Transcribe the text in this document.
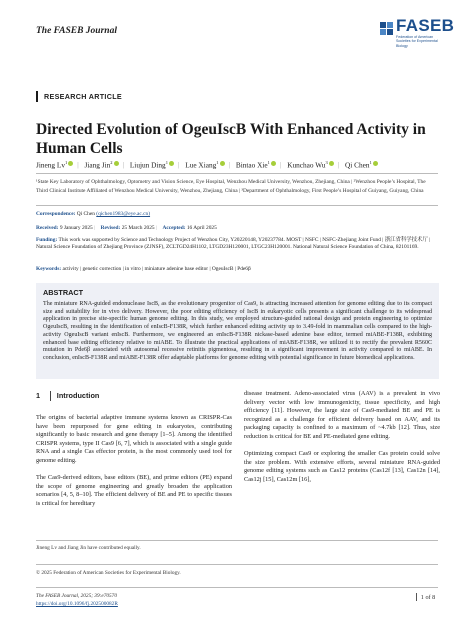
The FASEB Journal	FASEB
Federation of American Societies for Experimental Biology
RESEARCH ARTICLE
Directed Evolution of OgeuIscB With Enhanced Activity in Human Cells
Jineng Lv$^1$ | Jiang Jin$^2$ | Liujun Ding$^1$ | Lue Xiang$^1$ | Bintao Xie$^1$ | Kunchao Wu$^3$ | Qi Chen$^1$
¹State Key Laboratory of Ophthalmology, Optometry and Vision Science, Eye Hospital, Wenzhou Medical University, Wenzhou, Zhejiang, China | ²Wenzhou People’s Hospital, The Third Clinical Institute Affiliated of Wenzhou Medical University, Wenzhou, Zhejiang, China | ³Department of Ophthalmology, First People’s Hospital of Guiyang, Guiyang, China
Correspondence: Qi Chen (qichen1983@eye.ac.cn)
Received: 9 January 2025 | Revised: 25 March 2025 | Accepted: 16 April 2025
Funding: This work was supported by Science and Technology Project of Wenzhou City, Y20220148, Y20237784. MOST | NSFC | NSFC-Zhejiang Joint Fund | 浙江省科学技术厅 | Natural Science Foundation of Zhejiang Province (ZJNSF), ZCLTGD24H1102, LTGD23H120001, LTGC23H120001. National Natural Science Foundation of China, 82101169.
Keywords: activity | genetic correction | in vitro | miniature adenine base editor | OgeuIscB | Pde6β
ABSTRACT

The miniature RNA-guided endonuclease IscB, as the evolutionary progenitor of Cas9, is attracting increased attention for genome editing due to its compact size and suitability for in vivo delivery. However, the poor editing efficiency of IscB in eukaryotic cells presents a significant challenge to its widespread application in precise site-specific human genome editing. In this study, we employed structure-guided rational design and protein engineering to optimize OgeuIscB, resulting in the identification of enIscB-F138R, which further enhanced editing activity up to 3.49-fold in mammalian cells compared to the high-activity OgeuIscB variant enIscB. Furthermore, we engineered an enIscB-F138R nickase-based adenine base editor, termed miABE-F138R, exhibiting enhanced base editing efficiency relative to miABE. To illustrate the practical applications of miABE-F138R, we utilized it to rectify the prevalent R560C mutation in Pde6β associated with autosomal recessive retinitis pigmentosa, resulting in a significant improvement in activity compared to miABE. In conclusion, enIscB-F138R and miABE-F138R offer adaptable platforms for genome editing with potential significance in future biomedical applications.

1	Introduction

The origins of bacterial adaptive immune systems known as CRISPR-Cas have been repurposed for gene editing in eukaryotes, contributing significantly to basic research and gene therapy [1–5]. Among the identified CRISPR systems, type II Cas9 [6, 7], which is associated with a single guide RNA and a single Cas effector protein, is the most commonly used tool for genome editing.

The Cas9-derived editors, base editors (BE), and prime editors (PE) expand the scope of genome engineering and greatly broaden the application scenarios [4, 5, 8–10]. The efficient delivery of BE and PE to specific tissues is critical for hereditary

disease treatment. Adeno-associated virus (AAV) is a prevalent in vivo delivery vector with low immunogenicity, tissue specificity, and high efficiency [11]. However, the large size of Cas9-mediated BE and PE is recognized as a challenge for efficient delivery based on AAV, and its packaging capacity is confined to a maximum of ~4.7kb [12]. Thus, size reduction is critical for BE and PE-mediated gene editing.

Optimizing compact Cas9 or exploring the smaller Cas protein could solve the size problem. With extensive efforts, several miniature RNA-guided genome editing systems such as Cas12 proteins (Cas12f [13], Cas12n [14], Cas12j [15], Cas12m [16],

Jineng Lv and Jiang Jin have contributed equally.
© 2025 Federation of American Societies for Experimental Biology.
The FASEB Journal, 2025; 39:e70570
https://doi.org/10.1096/fj.202500082R
1 of 8
